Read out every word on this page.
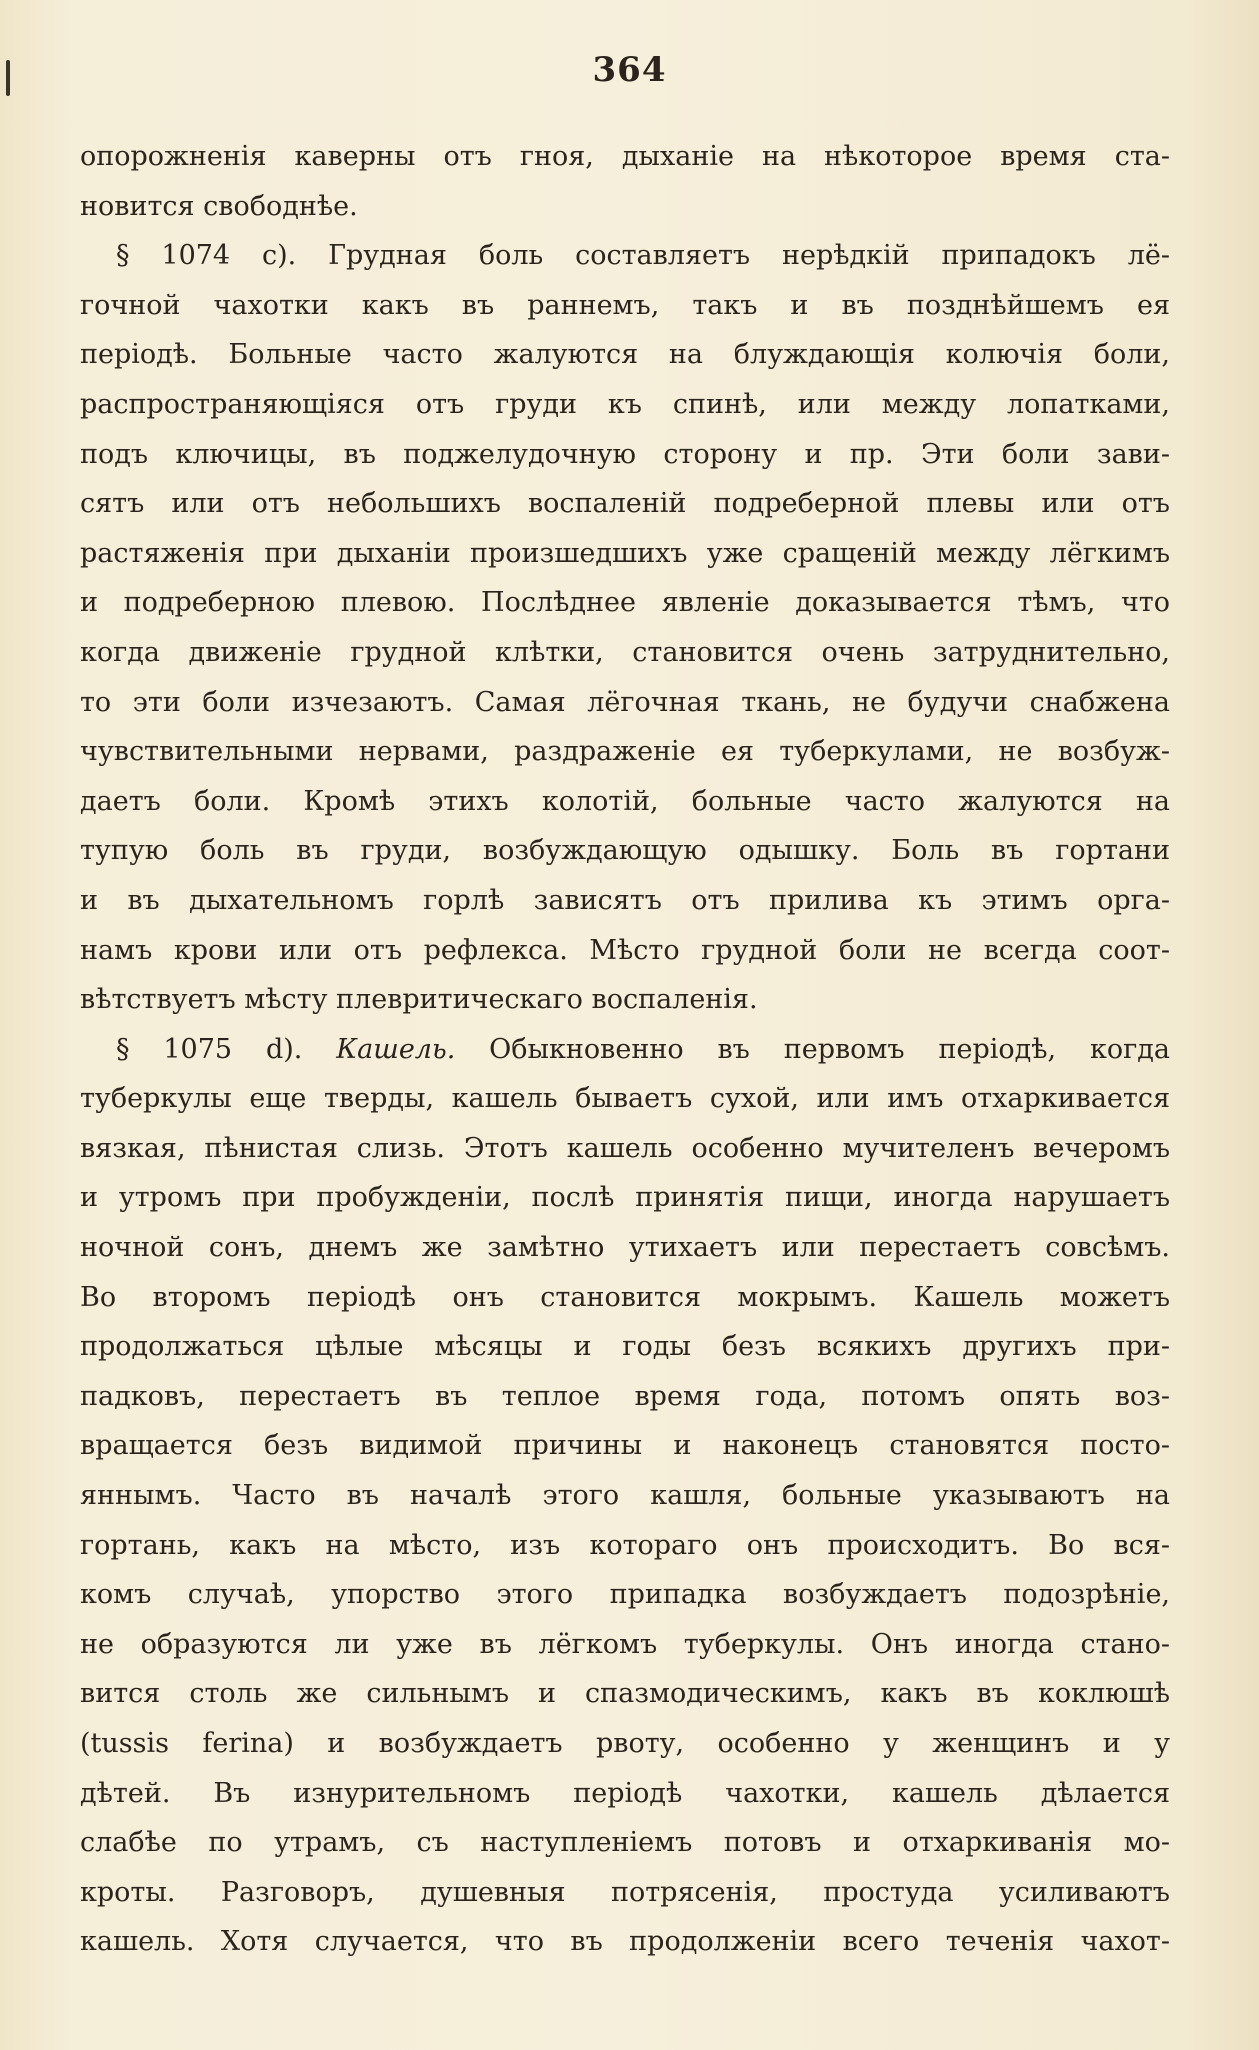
364
опорожненія каверны отъ гноя, дыханіе на нѣкоторое время ста-
новится свободнѣе.
§ 1074 c). Грудная боль составляетъ нерѣдкій припадокъ лё-
гочной чахотки какъ въ раннемъ, такъ и въ позднѣйшемъ ея
періодѣ. Больные часто жалуются на блуждающія колючія боли,
распространяющіяся отъ груди къ спинѣ, или между лопатками,
подъ ключицы, въ поджелудочную сторону и пр. Эти боли зави-
сятъ или отъ небольшихъ воспаленій подреберной плевы или отъ
растяженія при дыханіи произшедшихъ уже сращеній между лёгкимъ
и подреберною плевою. Послѣднее явленіе доказывается тѣмъ, что
когда движеніе грудной клѣтки, становится очень затруднительно,
то эти боли изчезаютъ. Самая лёгочная ткань, не будучи снабжена
чувствительными нервами, раздраженіе ея туберкулами, не возбуж-
даетъ боли. Кромѣ этихъ колотій, больные часто жалуются на
тупую боль въ груди, возбуждающую одышку. Боль въ гортани
и въ дыхательномъ горлѣ зависятъ отъ прилива къ этимъ орга-
намъ крови или отъ рефлекса. Мѣсто грудной боли не всегда соот-
вѣтствуетъ мѣсту плевритическаго воспаленія.
§ 1075 d). Кашель. Обыкновенно въ первомъ періодѣ, когда
туберкулы еще тверды, кашель бываетъ сухой, или имъ отхаркивается
вязкая, пѣнистая слизь. Этотъ кашель особенно мучителенъ вечеромъ
и утромъ при пробужденіи, послѣ принятія пищи, иногда нарушаетъ
ночной сонъ, днемъ же замѣтно утихаетъ или перестаетъ совсѣмъ.
Во второмъ періодѣ онъ становится мокрымъ. Кашель можетъ
продолжаться цѣлые мѣсяцы и годы безъ всякихъ другихъ при-
падковъ, перестаетъ въ теплое время года, потомъ опять воз-
вращается безъ видимой причины и наконецъ становятся посто-
яннымъ. Часто въ началѣ этого кашля, больные указываютъ на
гортань, какъ на мѣсто, изъ котораго онъ происходитъ. Во вся-
комъ случаѣ, упорство этого припадка возбуждаетъ подозрѣніе,
не образуются ли уже въ лёгкомъ туберкулы. Онъ иногда стано-
вится столь же сильнымъ и спазмодическимъ, какъ въ коклюшѣ
(tussis ferina) и возбуждаетъ рвоту, особенно у женщинъ и у
дѣтей. Въ изнурительномъ періодѣ чахотки, кашель дѣлается
слабѣе по утрамъ, съ наступленіемъ потовъ и отхаркиванія мо-
кроты. Разговоръ, душевныя потрясенія, простуда усиливаютъ
кашель. Хотя случается, что въ продолженіи всего теченія чахот-
